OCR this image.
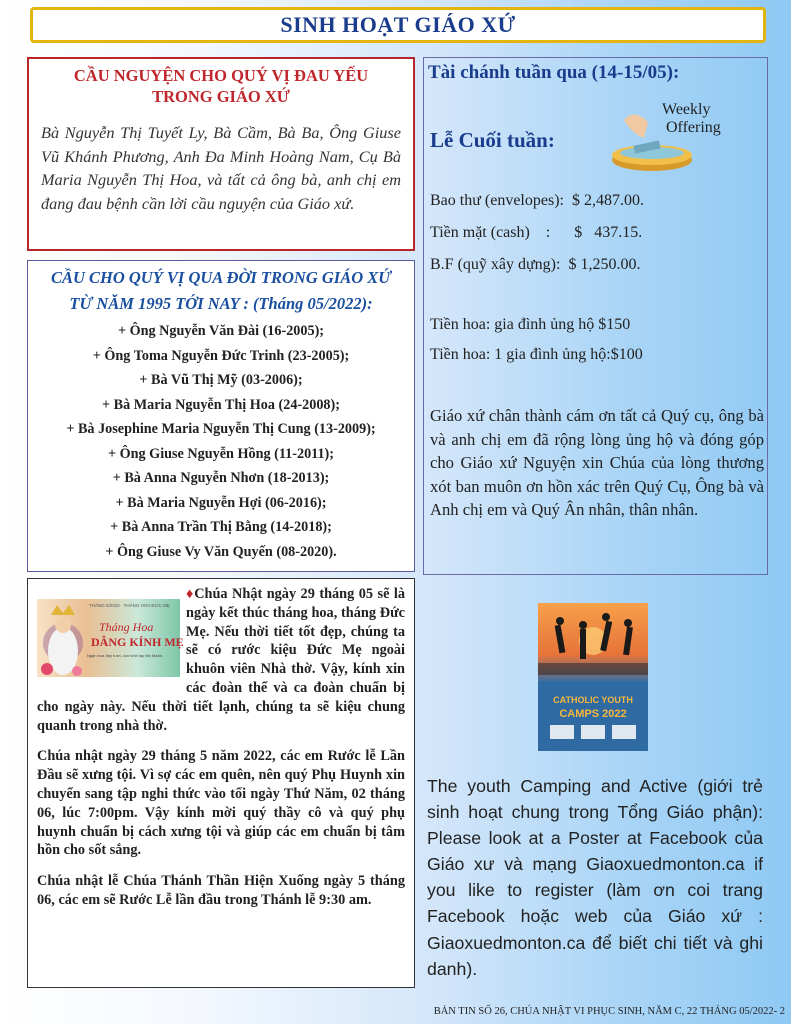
SINH HOẠT GIÁO XỨ
CẦU NGUYỆN CHO QUÝ VỊ ĐAU YẾU
TRONG GIÁO XỨ
Bà Nguyễn Thị Tuyết Ly, Bà Cầm, Bà Ba, Ông Giuse Vũ Khánh Phương, Anh Đa Minh Hoàng Nam, Cụ Bà Maria Nguyễn Thị Hoa, và tất cả ông bà, anh chị em đang đau bệnh cần lời cầu nguyện của Giáo xứ.
CẦU CHO QUÝ VỊ QUA ĐỜI TRONG GIÁO XỨ
TỪ NĂM 1995 TỚI NAY : (Tháng 05/2022):
+ Ông Nguyễn Văn Đài (16-2005);
+ Ông Toma Nguyễn Đức Trinh (23-2005);
+ Bà Vũ Thị Mỹ (03-2006);
+ Bà Maria Nguyễn Thị Hoa (24-2008);
+ Bà Josephine Maria Nguyễn Thị Cung (13-2009);
+ Ông Giuse Nguyễn Hồng (11-2011);
+ Bà Anna Nguyễn Nhơn (18-2013);
+ Bà Maria Nguyễn Hợi (06-2016);
+ Bà Anna Trần Thị Bằng (14-2018);
+ Ông Giuse Vy Văn Quyến (08-2020).
Tài chánh tuần qua (14-15/05):
Lễ Cuối tuần:
Weekly
Offering
Bao thư (envelopes):  $ 2,487.00.
Tiền mặt (cash)    :      $   437.15.
B.F (quỹ xây dựng):  $ 1,250.00.
Tiền hoa: gia đình ủng hộ $150
Tiền hoa: 1 gia đình ủng hộ:$100
Giáo xứ chân thành cám ơn tất cả Quý cụ, ông bà và anh chị em đã rộng lòng ủng hộ và đóng góp cho Giáo xứ Nguyện xin Chúa của lòng thương xót ban muôn ơn hồn xác trên Quý Cụ, Ông bà và Anh chị em và Quý Ân nhân, thân nhân.
THÁNG 5/2022 · THÁNG HOA ĐỨC MẸ
Tháng Hoa
DÂNG KÍNH MẸ
Ngàn hoa đẹp tươi, con kính lạy Mẹ Maria

♦Chúa Nhật ngày 29 tháng 05 sẽ là ngày kết thúc tháng hoa, tháng Đức Mẹ. Nếu thời tiết tốt đẹp, chúng ta sẽ có rước kiệu Đức Mẹ ngoài khuôn viên Nhà thờ. Vậy, kính xin các đoàn thể và ca đoàn chuẩn bị cho ngày này. Nếu thời tiết lạnh, chúng ta sẽ kiệu chung quanh trong nhà thờ.

Chúa nhật ngày 29 tháng 5 năm 2022, các em Rước lễ Lần Đầu sẽ xưng tội. Vì sợ các em quên, nên quý Phụ Huynh xin chuyển sang tập nghi thức vào tối ngày Thứ Năm, 02 tháng 06, lúc 7:00pm. Vậy kính mời quý thầy cô và quý phụ huynh chuẩn bị cách xưng tội và giúp các em chuẩn bị tâm hồn cho sốt sắng.

Chúa nhật lễ Chúa Thánh Thần Hiện Xuống ngày 5 tháng 06, các em sẽ Rước Lễ lần đầu trong Thánh lễ 9:30 am.

CATHOLIC YOUTH
CAMPS 2022
The youth Camping and Active (giới trẻ sinh hoạt chung trong Tổng Giáo phận): Please look at a Poster at Facebook của Giáo xư và mạng Giaoxuedmonton.ca if you like to register (làm ơn coi trang Facebook hoặc web của Giáo xứ : Giaoxuedmonton.ca để biết chi tiết và ghi danh).
BẢN TIN SỐ 26, CHÚA NHẬT VI PHỤC SINH, NĂM C, 22 THÁNG 05/2022- 2
